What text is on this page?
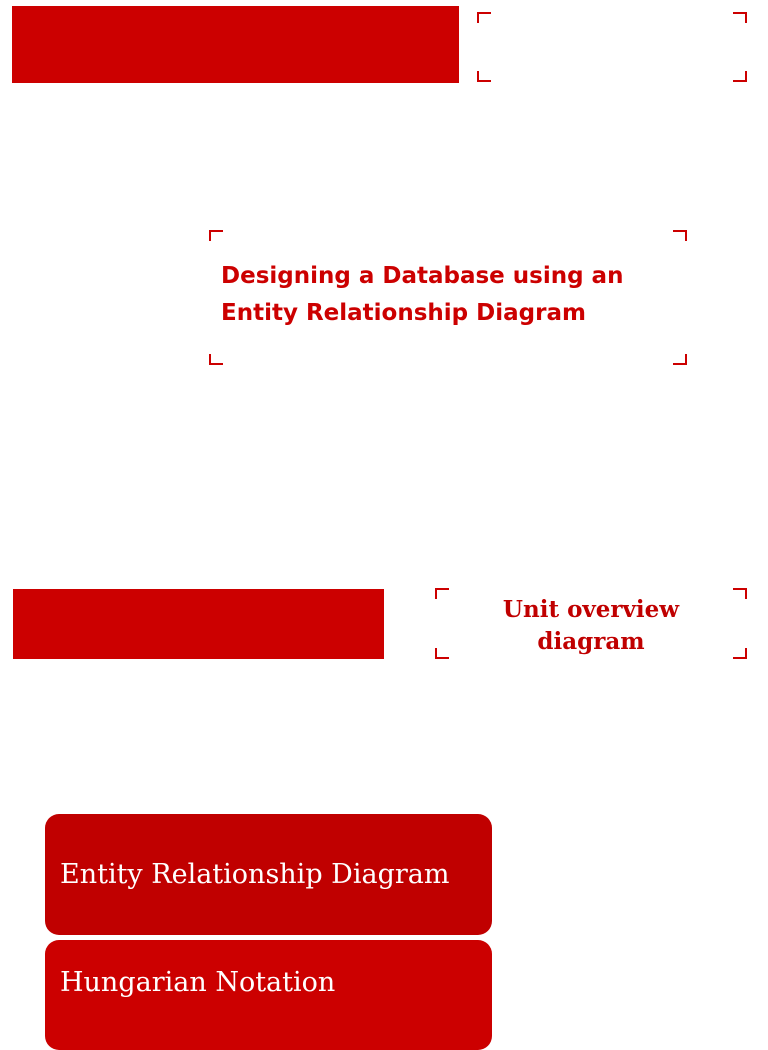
Designing a Database using an Entity Relationship Diagram
Unit overview
diagram
Entity Relationship Diagram
Hungarian Notation
